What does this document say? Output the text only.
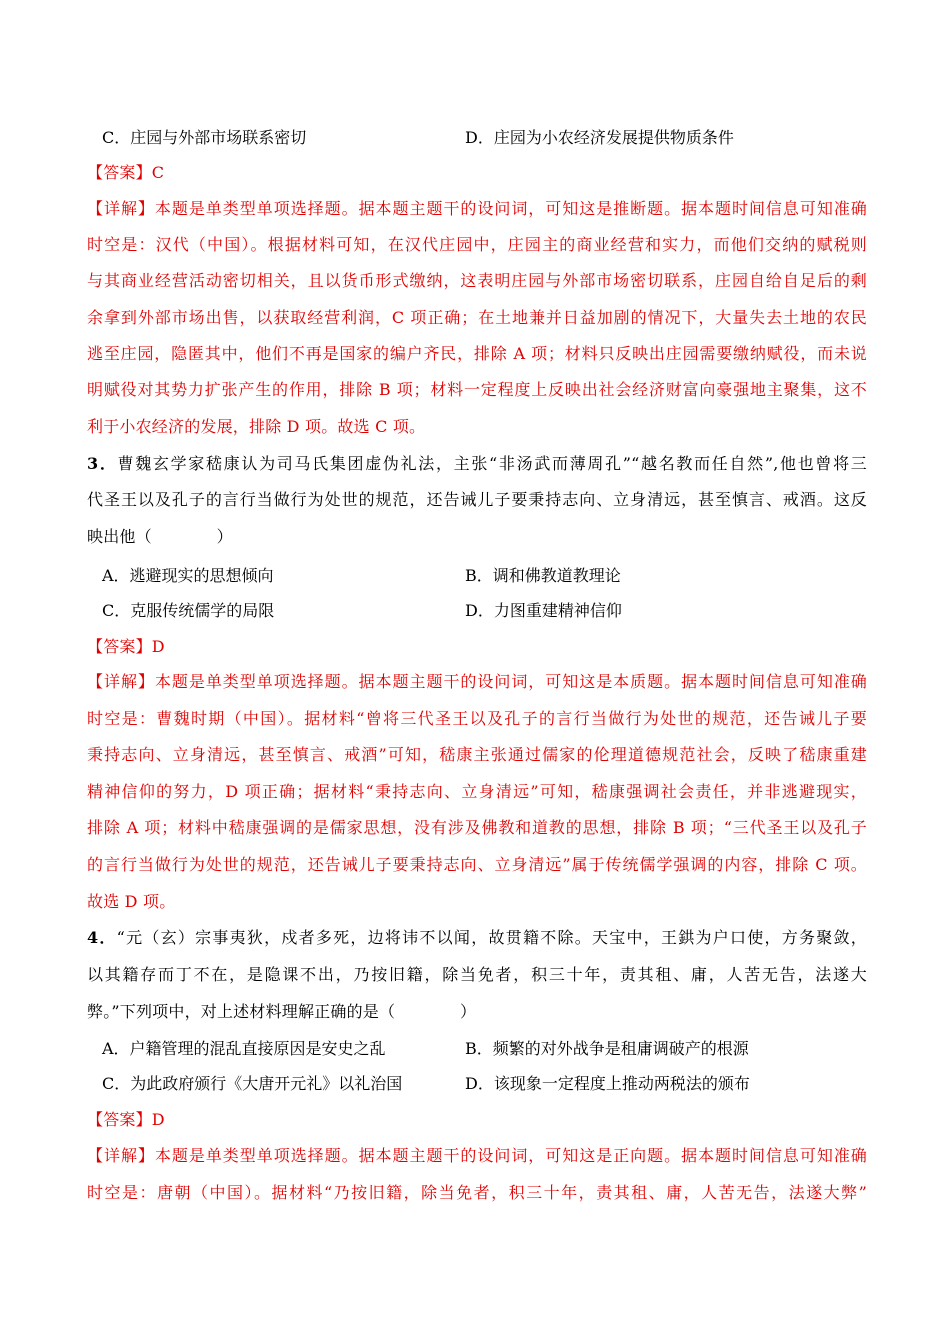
C．庄园与外部市场联系密切	D．庄园为小农经济发展提供物质条件
【答案】C
【详解】本题是单类型单项选择题。据本题主题干的设问词，可知这是推断题。据本题时间信息可知准确
时空是：汉代（中国）。根据材料可知，在汉代庄园中，庄园主的商业经营和实力，而他们交纳的赋税则
与其商业经营活动密切相关，且以货币形式缴纳，这表明庄园与外部市场密切联系，庄园自给自足后的剩
余拿到外部市场出售，以获取经营利润，C 项正确；在土地兼并日益加剧的情况下，大量失去土地的农民
逃至庄园，隐匿其中，他们不再是国家的编户齐民，排除 A 项；材料只反映出庄园需要缴纳赋役，而未说
明赋役对其势力扩张产生的作用，排除 B 项；材料一定程度上反映出社会经济财富向豪强地主聚集，这不
利于小农经济的发展，排除 D 项。故选 C 项。
3．曹魏玄学家嵇康认为司马氏集团虚伪礼法，主张“非汤武而薄周孔”“越名教而任自然”,他也曾将三
代圣王以及孔子的言行当做行为处世的规范，还告诫儿子要秉持志向、立身清远，甚至慎言、戒酒。这反
映出他（　　　　）
A．逃避现实的思想倾向	B．调和佛教道教理论
C．克服传统儒学的局限	D．力图重建精神信仰
【答案】D
【详解】本题是单类型单项选择题。据本题主题干的设问词，可知这是本质题。据本题时间信息可知准确
时空是：曹魏时期（中国）。据材料“曾将三代圣王以及孔子的言行当做行为处世的规范，还告诫儿子要
秉持志向、立身清远，甚至慎言、戒酒”可知，嵇康主张通过儒家的伦理道德规范社会，反映了嵇康重建
精神信仰的努力，D 项正确；据材料“秉持志向、立身清远”可知，嵇康强调社会责任，并非逃避现实，
排除 A 项；材料中嵇康强调的是儒家思想，没有涉及佛教和道教的思想，排除 B 项；“三代圣王以及孔子
的言行当做行为处世的规范，还告诫儿子要秉持志向、立身清远”属于传统儒学强调的内容，排除 C 项。
故选 D 项。
4．“元（玄）宗事夷狄，戍者多死，边将讳不以闻，故贯籍不除。天宝中，王鉷为户口使，方务聚敛，
以其籍存而丁不在，是隐课不出，乃按旧籍，除当免者，积三十年，责其租、庸，人苦无告，法遂大
弊。”下列项中，对上述材料理解正确的是（　　　　）
A．户籍管理的混乱直接原因是安史之乱	B．频繁的对外战争是租庸调破产的根源
C．为此政府颁行《大唐开元礼》以礼治国	D．该现象一定程度上推动两税法的颁布
【答案】D
【详解】本题是单类型单项选择题。据本题主题干的设问词，可知这是正向题。据本题时间信息可知准确
时空是：唐朝（中国）。据材料“乃按旧籍，除当免者，积三十年，责其租、庸，人苦无告，法遂大弊”
